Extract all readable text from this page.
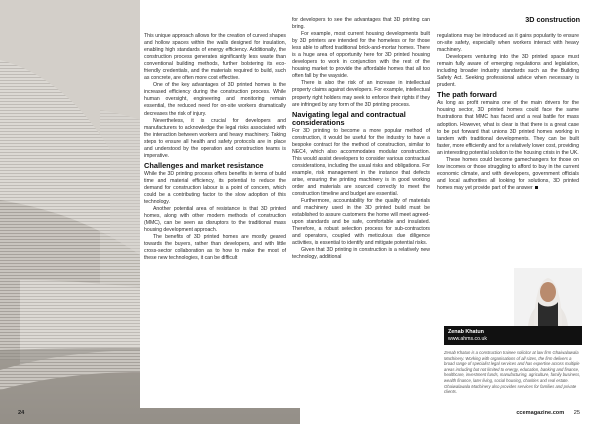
3D construction

This unique approach allows for the creation of curved shapes and hollow spaces within the walls designed for insulation, enabling high standards of energy efficiency. Additionally, the construction process generates significantly less waste than conventional building methods, further bolstering its eco-friendly credentials, and the materials required to build, such as concrete, are often more cost effective.

One of the key advantages of 3D printed homes is the increased efficiency during the construction process. While human oversight, engineering and monitoring remain essential, the reduced need for on-site workers dramatically decreases the risk of injury.

Nevertheless, it is crucial for developers and manufacturers to acknowledge the legal risks associated with the interaction between workers and heavy machinery. Taking steps to ensure all health and safety protocols are in place and understood by the operation and construction teams is imperative.

Challenges and market resistance

While the 3D printing process offers benefits in terms of build time and material efficiency, its potential to reduce the demand for construction labour is a point of concern, which could be a contributing factor to the slow adoption of this technology.

Another potential area of resistance is that 3D printed homes, along with other modern methods of construction (MMC), can be seen as disruptors to the traditional mass housing development approach.

The benefits of 3D printed homes are mostly geared towards the buyers, rather than developers, and with little cross-sector collaboration as to how to make the most of these new technologies, it can be difficult

for developers to see the advantages that 3D printing can bring.

For example, most current housing developments built by 3D printers are intended for the homeless or for those less able to afford traditional brick-and-mortar homes. There is a huge area of opportunity here for 3D printed housing developers to work in conjunction with the rest of the housing market to provide the affordable homes that all too often fall by the wayside.

There is also the risk of an increase in intellectual property claims against developers. For example, intellectual property right holders may seek to enforce their rights if they are infringed by any form of the 3D printing process.

Navigating legal and contractual considerations

For 3D printing to become a more popular method of construction, it would be useful for the industry to have a bespoke contract for the method of construction, similar to NEC4, which also accommodates modular construction. This would assist developers to consider various contractual considerations, including the usual risks and obligations. For example, risk management in the instance that defects arise, ensuring the printing machinery is in good working order and materials are sourced correctly to meet the construction timeline and budget are essential.

Furthermore, accountability for the quality of materials and machinery used in the 3D printed build must be established to assure customers the home will meet agreed-upon standards and be safe, comfortable and insulated. Therefore, a robust selection process for sub-contractors and operators, coupled with meticulous due diligence activities, is essential to identify and mitigate potential risks.

Given that 3D printing in construction is a relatively new technology, additional

regulations may be introduced as it gains popularity to ensure on-site safety, especially when workers interact with heavy machinery.

Developers venturing into the 3D printed space must remain fully aware of emerging regulations and legislation, including broader industry standards such as the Building Safety Act. Seeking professional advice when necessary is prudent.

The path forward

As long as profit remains one of the main drivers for the housing sector, 3D printed homes could face the same frustrations that MMC has faced and a real battle for mass adoption. However, what is clear is that there is a great case to be put forward that unions 3D printed homes working in tandem with traditional developments. They can be built faster, more efficiently and for a relatively lower cost, providing an interesting potential solution to the housing crisis in the UK.

These homes could become gamechangers for those on low incomes or those struggling to afford to buy in the current economic climate, and with developers, government officials and local authorities all looking for solutions, 3D printed homes may yet provide part of the answer

Zenab Khatun
www.ahms.co.uk
Zenab Khatun is a construction trainee solicitor at law firm Ghaiwalawala Machinery. Working with organisations of all sizes, the firm delivers a broad range of specialist legal services and has expertise across multiple areas including but not limited to energy, education, banking and finance, healthcare, investment funds, manufacturing, agriculture, family business, wealth finance, later living, social housing, charities and real estate. Ghaiwalawala Machinery also provides services for families and private clients.
24	ccemagazine.com 25
